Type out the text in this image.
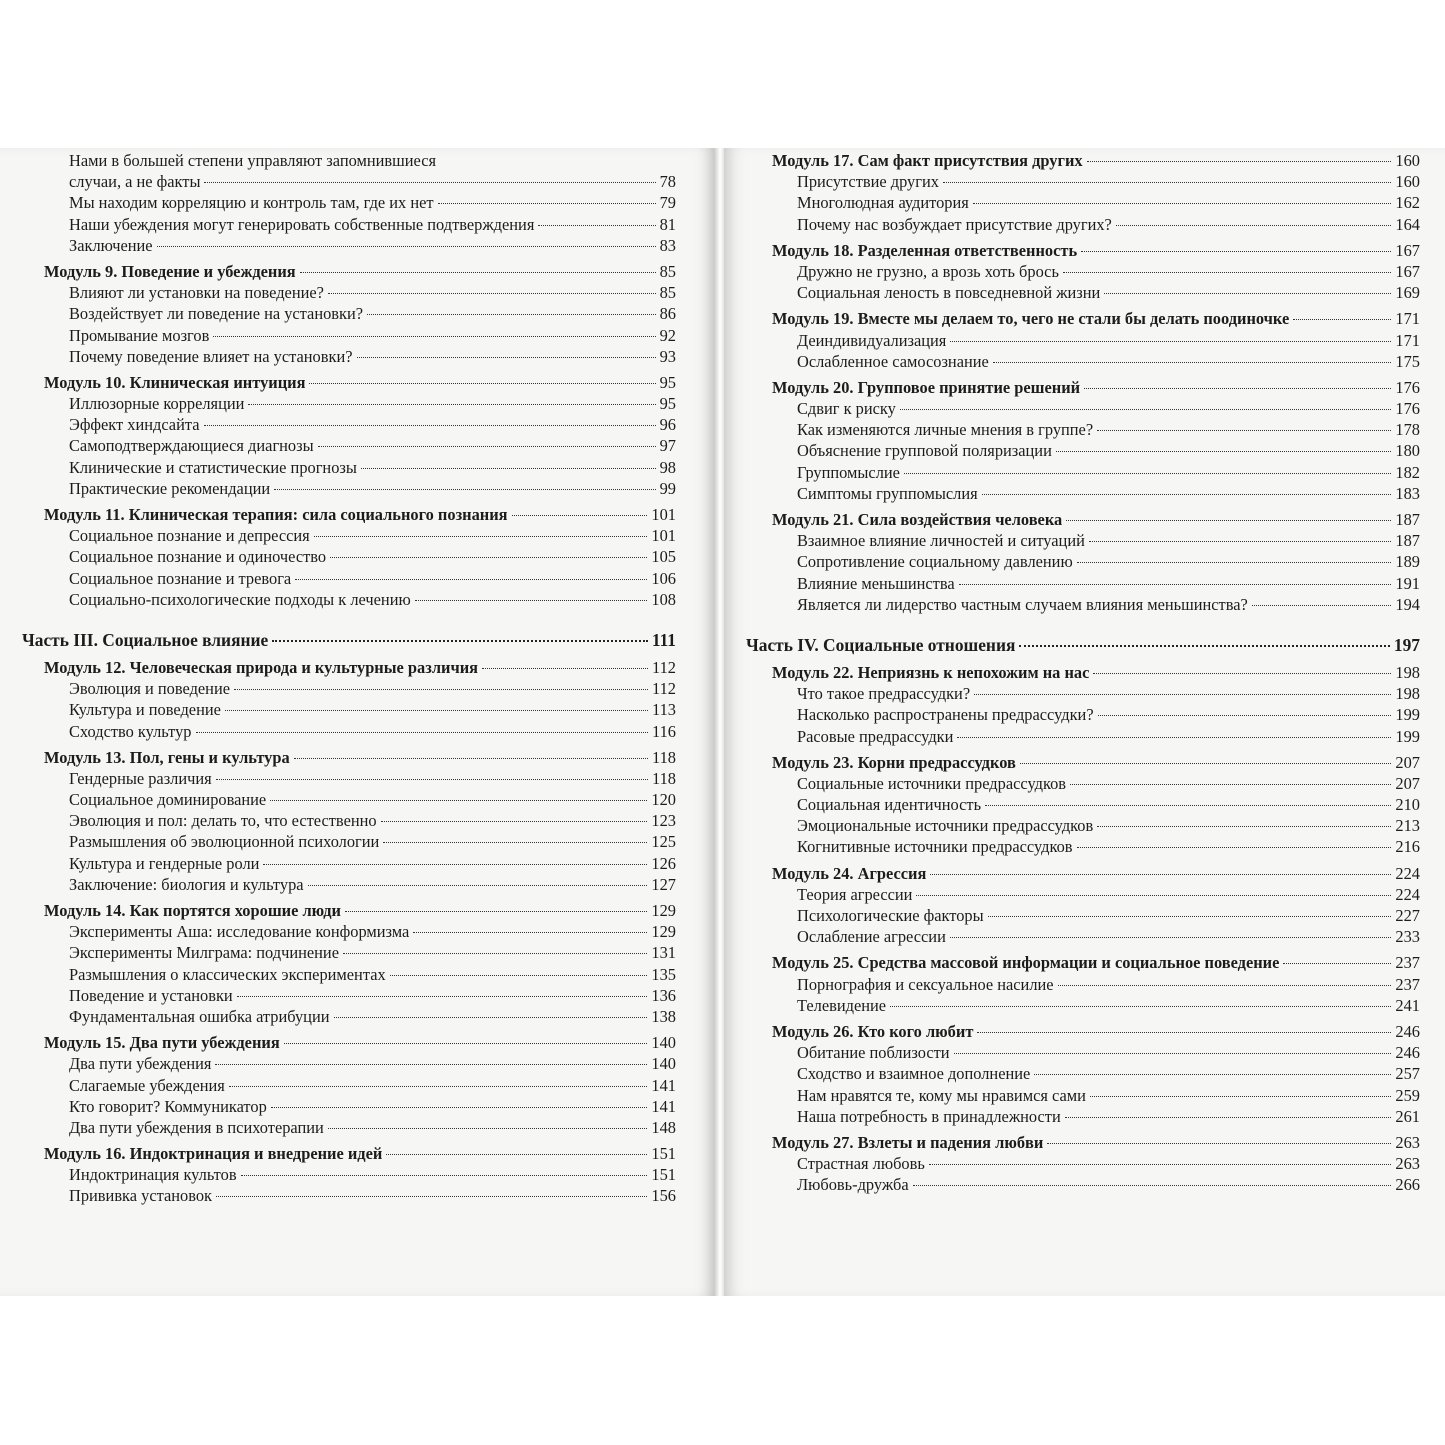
Нами в большей степени управляют запомнившиеся
случаи, а не факты	78
Мы находим корреляцию и контроль там, где их нет	79
Наши убеждения могут генерировать собственные подтверждения	81
Заключение	83
Модуль 9. Поведение и убеждения	85
Влияют ли установки на поведение?	85
Воздействует ли поведение на установки?	86
Промывание мозгов	92
Почему поведение влияет на установки?	93
Модуль 10. Клиническая интуиция	95
Иллюзорные корреляции	95
Эффект хиндсайта	96
Самоподтверждающиеся диагнозы	97
Клинические и статистические прогнозы	98
Практические рекомендации	99
Модуль 11. Клиническая терапия: сила социального познания	101
Социальное познание и депрессия	101
Социальное познание и одиночество	105
Социальное познание и тревога	106
Социально-психологические подходы к лечению	108
Часть III. Социальное влияние	111
Модуль 12. Человеческая природа и культурные различия	112
Эволюция и поведение	112
Культура и поведение	113
Сходство культур	116
Модуль 13. Пол, гены и культура	118
Гендерные различия	118
Социальное доминирование	120
Эволюция и пол: делать то, что естественно	123
Размышления об эволюционной психологии	125
Культура и гендерные роли	126
Заключение: биология и культура	127
Модуль 14. Как портятся хорошие люди	129
Эксперименты Аша: исследование конформизма	129
Эксперименты Милграма: подчинение	131
Размышления о классических экспериментах	135
Поведение и установки	136
Фундаментальная ошибка атрибуции	138
Модуль 15. Два пути убеждения	140
Два пути убеждения	140
Слагаемые убеждения	141
Кто говорит? Коммуникатор	141
Два пути убеждения в психотерапии	148
Модуль 16. Индоктринация и внедрение идей	151
Индоктринация культов	151
Прививка установок	156
Модуль 17. Сам факт присутствия других	160
Присутствие других	160
Многолюдная аудитория	162
Почему нас возбуждает присутствие других?	164
Модуль 18. Разделенная ответственность	167
Дружно не грузно, а врозь хоть брось	167
Социальная леность в повседневной жизни	169
Модуль 19. Вместе мы делаем то, чего не стали бы делать поодиночке	171
Деиндивидуализация	171
Ослабленное самосознание	175
Модуль 20. Групповое принятие решений	176
Сдвиг к риску	176
Как изменяются личные мнения в группе?	178
Объяснение групповой поляризации	180
Группомыслие	182
Симптомы группомыслия	183
Модуль 21. Сила воздействия человека	187
Взаимное влияние личностей и ситуаций	187
Сопротивление социальному давлению	189
Влияние меньшинства	191
Является ли лидерство частным случаем влияния меньшинства?	194
Часть IV. Социальные отношения	197
Модуль 22. Неприязнь к непохожим на нас	198
Что такое предрассудки?	198
Насколько распространены предрассудки?	199
Расовые предрассудки	199
Модуль 23. Корни предрассудков	207
Социальные источники предрассудков	207
Социальная идентичность	210
Эмоциональные источники предрассудков	213
Когнитивные источники предрассудков	216
Модуль 24. Агрессия	224
Теория агрессии	224
Психологические факторы	227
Ослабление агрессии	233
Модуль 25. Средства массовой информации и социальное поведение	237
Порнография и сексуальное насилие	237
Телевидение	241
Модуль 26. Кто кого любит	246
Обитание поблизости	246
Сходство и взаимное дополнение	257
Нам нравятся те, кому мы нравимся сами	259
Наша потребность в принадлежности	261
Модуль 27. Взлеты и падения любви	263
Страстная любовь	263
Любовь-дружба	266
